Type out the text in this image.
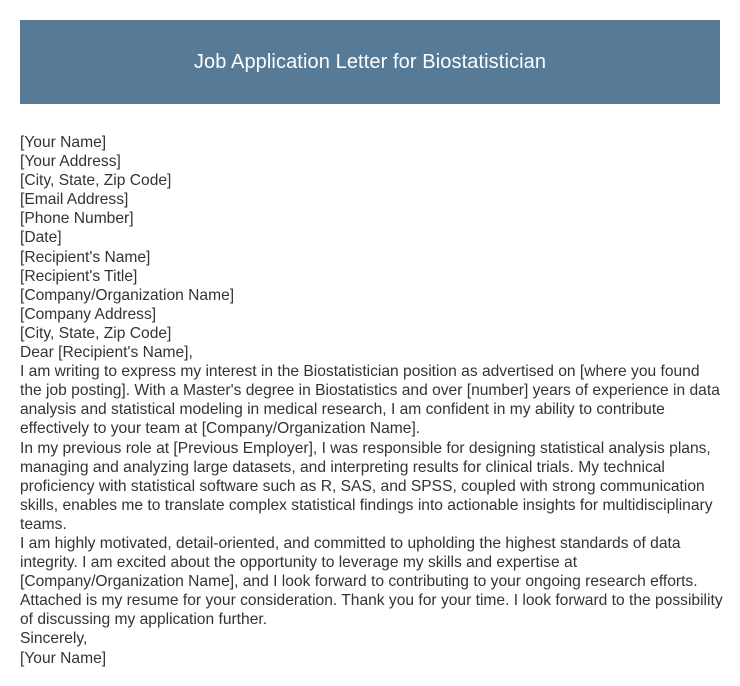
Job Application Letter for Biostatistician
[Your Name]
[Your Address]
[City, State, Zip Code]
[Email Address]
[Phone Number]
[Date]
[Recipient's Name]
[Recipient's Title]
[Company/Organization Name]
[Company Address]
[City, State, Zip Code]
Dear [Recipient's Name],

I am writing to express my interest in the Biostatistician position as advertised on [where you found the job posting]. With a Master's degree in Biostatistics and over [number] years of experience in data analysis and statistical modeling in medical research, I am confident in my ability to contribute effectively to your team at [Company/Organization Name].

In my previous role at [Previous Employer], I was responsible for designing statistical analysis plans, managing and analyzing large datasets, and interpreting results for clinical trials. My technical proficiency with statistical software such as R, SAS, and SPSS, coupled with strong communication skills, enables me to translate complex statistical findings into actionable insights for multidisciplinary teams.

I am highly motivated, detail-oriented, and committed to upholding the highest standards of data integrity. I am excited about the opportunity to leverage my skills and expertise at [Company/Organization Name], and I look forward to contributing to your ongoing research efforts.

Attached is my resume for your consideration. Thank you for your time. I look forward to the possibility of discussing my application further.

Sincerely,
[Your Name]
